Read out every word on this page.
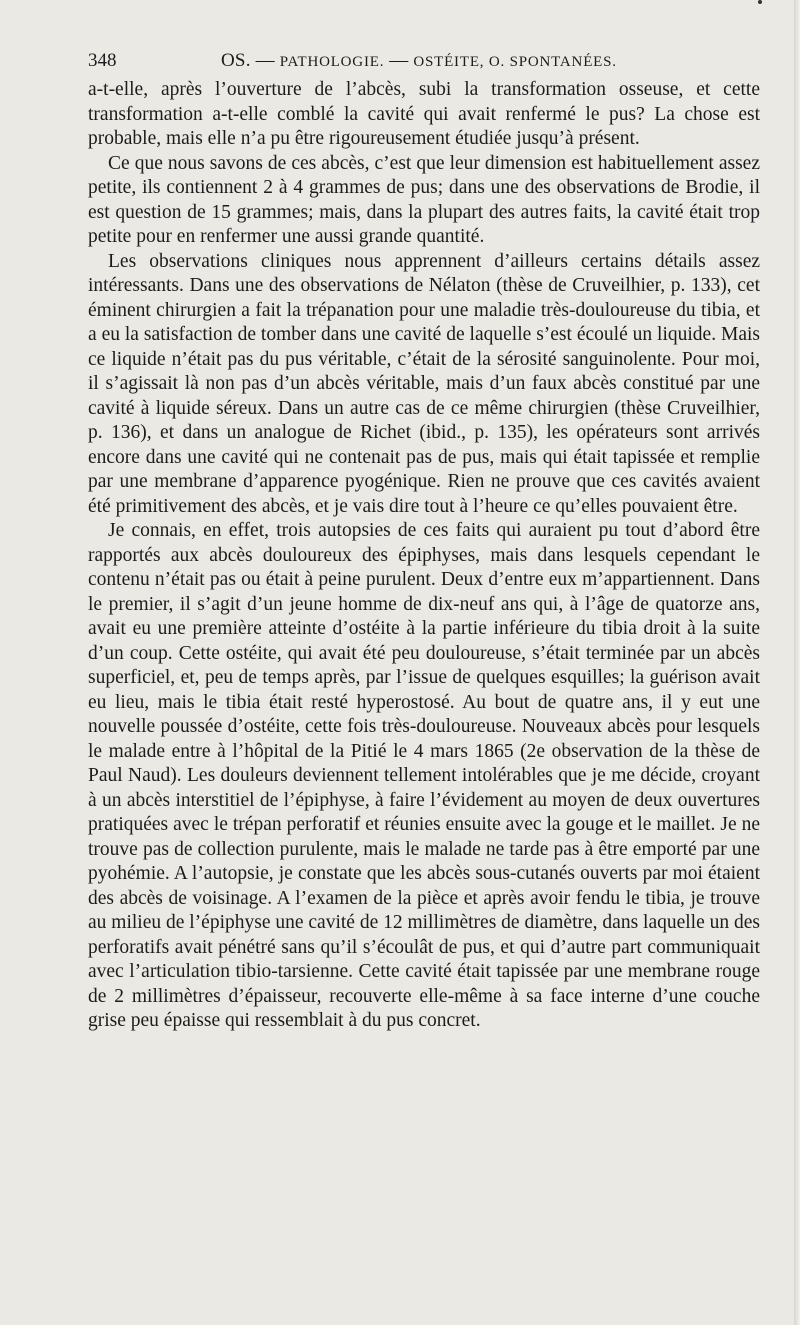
348	OS. — PATHOLOGIE. — OSTÉITE, O. SPONTANÉES.

a-t-elle, après l’ouverture de l’abcès, subi la transformation osseuse, et cette transformation a-t-elle comblé la cavité qui avait renfermé le pus? La chose est probable, mais elle n’a pu être rigoureusement étudiée jusqu’à présent.

Ce que nous savons de ces abcès, c’est que leur dimension est habituellement assez petite, ils contiennent 2 à 4 grammes de pus; dans une des observations de Brodie, il est question de 15 grammes; mais, dans la plupart des autres faits, la cavité était trop petite pour en renfermer une aussi grande quantité.

Les observations cliniques nous apprennent d’ailleurs certains détails assez intéressants. Dans une des observations de Nélaton (thèse de Cruveilhier, p. 133), cet éminent chirurgien a fait la trépanation pour une maladie très-douloureuse du tibia, et a eu la satisfaction de tomber dans une cavité de laquelle s’est écoulé un liquide. Mais ce liquide n’était pas du pus véritable, c’était de la sérosité sanguinolente. Pour moi, il s’agissait là non pas d’un abcès véritable, mais d’un faux abcès constitué par une cavité à liquide séreux. Dans un autre cas de ce même chirurgien (thèse Cruveilhier, p. 136), et dans un analogue de Richet (ibid., p. 135), les opérateurs sont arrivés encore dans une cavité qui ne contenait pas de pus, mais qui était tapissée et remplie par une membrane d’apparence pyogénique. Rien ne prouve que ces cavités avaient été primitivement des abcès, et je vais dire tout à l’heure ce qu’elles pouvaient être.

Je connais, en effet, trois autopsies de ces faits qui auraient pu tout d’abord être rapportés aux abcès douloureux des épiphyses, mais dans lesquels cependant le contenu n’était pas ou était à peine purulent. Deux d’entre eux m’appartiennent. Dans le premier, il s’agit d’un jeune homme de dix-neuf ans qui, à l’âge de quatorze ans, avait eu une première atteinte d’ostéite à la partie inférieure du tibia droit à la suite d’un coup. Cette ostéite, qui avait été peu douloureuse, s’était terminée par un abcès superficiel, et, peu de temps après, par l’issue de quelques esquilles; la guérison avait eu lieu, mais le tibia était resté hyperostosé. Au bout de quatre ans, il y eut une nouvelle poussée d’ostéite, cette fois très-douloureuse. Nouveaux abcès pour lesquels le malade entre à l’hôpital de la Pitié le 4 mars 1865 (2e observation de la thèse de Paul Naud). Les douleurs deviennent tellement intolérables que je me décide, croyant à un abcès interstitiel de l’épiphyse, à faire l’évidement au moyen de deux ouvertures pratiquées avec le trépan perforatif et réunies ensuite avec la gouge et le maillet. Je ne trouve pas de collection purulente, mais le malade ne tarde pas à être emporté par une pyohémie. A l’autopsie, je constate que les abcès sous-cutanés ouverts par moi étaient des abcès de voisinage. A l’examen de la pièce et après avoir fendu le tibia, je trouve au milieu de l’épiphyse une cavité de 12 millimètres de diamètre, dans laquelle un des perforatifs avait pénétré sans qu’il s’écoulât de pus, et qui d’autre part communiquait avec l’articulation tibio-tarsienne. Cette cavité était tapissée par une membrane rouge de 2 millimètres d’épaisseur, recouverte elle-même à sa face interne d’une couche grise peu épaisse qui ressemblait à du pus concret.
